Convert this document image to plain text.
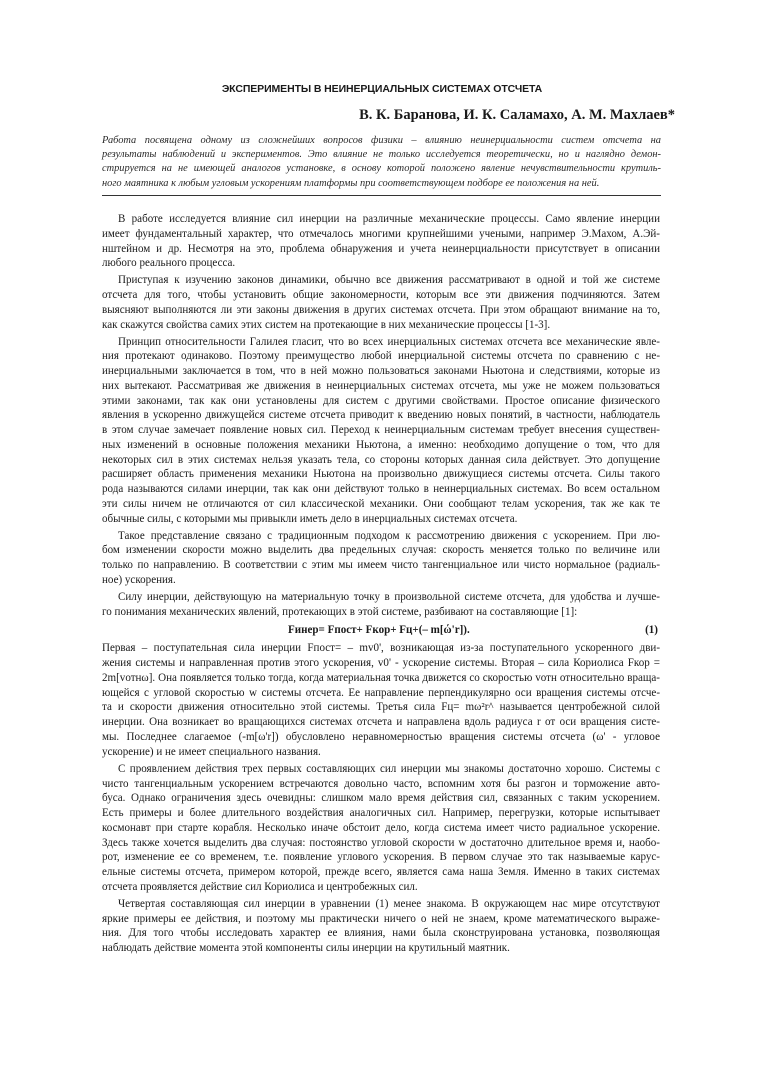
ЭКСПЕРИМЕНТЫ В НЕИНЕРЦИАЛЬНЫХ СИСТЕМАХ ОТСЧЕТА
В. К. Баранова, И. К. Саламахо, А. М. Махлаев*
Работа посвящена одному из сложнейших вопросов физики – влиянию неинерциальности систем отсчета на
результаты наблюдений и экспериментов. Это влияние не только исследуется теоретически, но и наглядно демон-
стрируется на не имеющей аналогов установке, в основу которой положено явление нечувствительности крутиль-
ного маятника к любым угловым ускорениям платформы при соответствующем подборе ее положения на ней.
В работе исследуется влияние сил инерции на различные механические процессы. Само явление инерции
имеет фундаментальный характер, что отмечалось многими крупнейшими учеными, например Э.Махом, А.Эй-
нштейном и др. Несмотря на это, проблема обнаружения и учета неинерциальности присутствует в описании
любого реального процесса.
Приступая к изучению законов динамики, обычно все движения рассматривают в одной и той же системе
отсчета для того, чтобы установить общие закономерности, которым все эти движения подчиняются. Затем
выясняют выполняются ли эти законы движения в других системах отсчета. При этом обращают внимание на то,
как скажутся свойства самих этих систем на протекающие в них механические процессы [1-3].
Принцип относительности Галилея гласит, что во всех инерциальных системах отсчета все механические явле-
ния протекают одинаково. Поэтому преимущество любой инерциальной системы отсчета по сравнению с не-
инерциальными заключается в том, что в ней можно пользоваться законами Ньютона и следствиями, которые из
них вытекают. Рассматривая же движения в неинерциальных системах отсчета, мы уже не можем пользоваться
этими законами, так как они установлены для систем с другими свойствами. Простое описание физического
явления в ускоренно движущейся системе отсчета приводит к введению новых понятий, в частности, наблюдатель
в этом случае замечает появление новых сил. Переход к неинерциальным системам требует внесения существен-
ных изменений в основные положения механики Ньютона, а именно: необходимо допущение о том, что для
некоторых сил в этих системах нельзя указать тела, со стороны которых данная сила действует. Это допущение
расширяет область применения механики Ньютона на произвольно движущиеся системы отсчета. Силы такого
рода называются силами инерции, так как они действуют только в неинерциальных системах. Во всем остальном
эти силы ничем не отличаются от сил классической механики. Они сообщают телам ускорения, так же как те
обычные силы, с которыми мы привыкли иметь дело в инерциальных системах отсчета.
Такое представление связано с традиционным подходом к рассмотрению движения с ускорением. При лю-
бом изменении скорости можно выделить два предельных случая: скорость меняется только по величине или
только по направлению. В соответствии с этим мы имеем чисто тангенциальное или чисто нормальное (радиаль-
ное) ускорения.
Силу инерции, действующую на материальную точку в произвольной системе отсчета, для удобства и лучше-
го понимания механических явлений, протекающих в этой системе, разбивают на составляющие [1]:
Fинер= Fпост+ Fкор+ Fц+(– m[ώ'r]).	(1)
Первая – поступательная сила инерции Fпост= – mv0', возникающая из-за поступательного ускоренного дви-
жения системы и направленная против этого ускорения, v0' - ускорение системы. Вторая – сила Кориолиса Fкор =
2m[vотнω]. Она появляется только тогда, когда материальная точка движется со скоростью vотн относительно враща-
ющейся с угловой скоростью w системы отсчета. Ее направление перпендикулярно оси вращения системы отсче-
та и скорости движения относительно этой системы. Третья сила Fц= mω²r^ называется центробежной силой
инерции. Она возникает во вращающихся системах отсчета и направлена вдоль радиуса r от оси вращения систе-
мы. Последнее слагаемое (-m[ω'r]) обусловлено неравномерностью вращения системы отсчета (ω' - угловое
ускорение) и не имеет специального названия.
С проявлением действия трех первых составляющих сил инерции мы знакомы достаточно хорошо. Системы с
чисто тангенциальным ускорением встречаются довольно часто, вспомним хотя бы разгон и торможение авто-
буса. Однако ограничения здесь очевидны: слишком мало время действия сил, связанных с таким ускорением.
Есть примеры и более длительного воздействия аналогичных сил. Например, перегрузки, которые испытывает
космонавт при старте корабля. Несколько иначе обстоит дело, когда система имеет чисто радиальное ускорение.
Здесь также хочется выделить два случая: постоянство угловой скорости w достаточно длительное время и, наобо-
рот, изменение ее со временем, т.е. появление углового ускорения. В первом случае это так называемые карус-
ельные системы отсчета, примером которой, прежде всего, является сама наша Земля. Именно в таких системах
отсчета проявляется действие сил Кориолиса и центробежных сил.
Четвертая составляющая сил инерции в уравнении (1) менее знакома. В окружающем нас мире отсутствуют
яркие примеры ее действия, и поэтому мы практически ничего о ней не знаем, кроме математического выраже-
ния. Для того чтобы исследовать характер ее влияния, нами была сконструирована установка, позволяющая
наблюдать действие момента этой компоненты силы инерции на крутильный маятник.
